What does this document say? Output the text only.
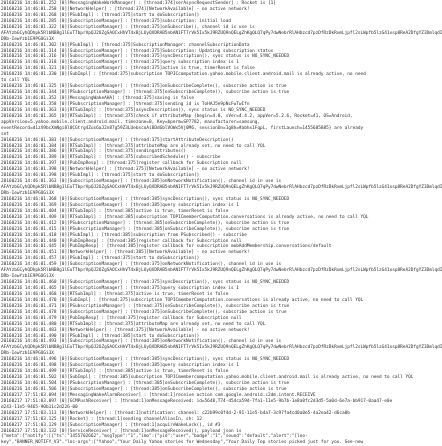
20160216 14:46:01.252 [0][MessagingWakeWorkManager] : [thread:374]serAsyncRequestSender] : Rocket is [1]
20160216 14:46:01.258 [0][NetworkHelper] : [thread:374][NetworkAvailable] - no active network!
20160216 14:46:01.268 [0][PSubImpl] : [thread:375]start to doSubscription()
20160216 14:46:01.285 [0][SubscriptionManager] : [thread:375]subscription: initial load
20160216 14:46:01.322 [0][SubscriptionManager] : [thread:375]onSubscribe(), channel id is use is
AFAYzbGCyhQDhpk5RlbNB8g1lEuTTbprVpQJ2OZgSAOCxHhVT4xBjLUyQXDRAB5nbAN1FT7rVk5Ix5kJ9RZUQ9nQELgZhKgQLQ7qPy7dwNebrRlAHbzcd7pzDfRzDkRvmLjpfl2sLWpfb5lzG41xsp8ReA2DfgYZ3DmlqdI
DRb-IewYzb1E9PGOGi3X
20160216 14:46:01.302 [0][PSubImpl] : [thread:375]SubscriptionManager: channelSubscriptionData
20160216 14:46:01.314 [0][SubscriptionManager] : [thread:375]Subscription: Updating subscription status
20160216 14:46:01.316 [0][SubscriptionManager] : [thread:375]syncDescription(), sync status is NO_SYNC_NEEDED
20160216 14:46:01.318 [0][SubscriptionManager] : [thread:375]query subscription index is 1
20160216 14:46:01.321 [0][SubscriptionManager] : [thread:375]active is true, timerReset is false
20160216 14:46:01.330 [0][SubImpl] : [thread:375]subscription TOPICcomputation.yahoo.mobile.client.android.mail is already active, no need
to call YQL
20160216 14:46:01.325 [0][SubscriptionManager] : [thread:375]onSubscribeComplete(), subscribe action is true
20160216 14:46:01.344 [0][PSubscriptionManager] : [thread:375]onSubscribeComplete(), subscribe action is true
20160216 14:46:01.352 [0][MessagingWakeAHA] : [thread:375]saving is false
20160216 14:46:01.358 [0][PSubscriptionManager] : [thread:375]sending id is ToHAJ5e9pNcFwTwIfn
20160216 14:46:01.363 [0][RTSubImpl] : [thread:375]asyncDescription(), sync status is NO_SYNC_NEEDED
20160216 14:46:01.365 [0][RTSubImpl] : [thread:375]check if attributeMap {begin=4.0, sVer=4.4.2, appVer=5.2.6, Rocket=41, OS=Android,
appVersion=5.yahoo.mobile.client.android.mail, timezone=0, Key=bperm=SP7782, manufacturer=samsung,
eventRecord=d1zX9bcXmNgi8l0CGtrg4Zus6aJ2n87g59Z3LUebscoAi8DdGblVOWx5Vj0M6, sessionOn=1g8h=#abhx1FqpL, firstLaunch=1455605885} are already
set
20160216 14:46:01.383 [0][SubscriptionManager] : [thread:375]startAttributeDescription()
20160216 14:46:01.384 [0][RTSubImpl] : [thread:375]attributeMap are already set, no need to call YQL
20160216 14:46:01.386 [0][RTSubImpl] : [thread:375]sendingattributes()
20160216 14:46:01.389 [0][RTSubImpl] : [thread:375]subscribedSchedule() - subscribe
20160216 14:46:01.397 [0][PubImpResp] : [thread:375]register callback for Subscription null
20160216 14:46:01.398 [0][NetworkHelper] : [thread:375][NetworkAvailable] - no active network!
20160216 14:46:01.398 [0][PSubImpl] : [thread:375]start to doSubscription()
20160216 14:46:01.363 [0][SubscriptionManager] : [thread:385]onNetworkNotification(), channel id in use is
AFAYzbGCyhQDhpk5RlbNB8g1lEuTTbprVpQJ2OZgSAOCxHhVT4xBjLUyQXDRAB5nbAN1FT7rVk5Ix5kJ9RZUQ9nQELgZhKgQLQ7qPy7dwNebrRlAHbzcd7pzDfRzDkRvmLjpfl2sLWpfb5lzG41xsp8ReA2DfgYZ3DmlqdI
DRb-IewYzb1E9PGOGi3X
20160216 14:46:01.368 [0][SubscriptionManager] : [thread:385]syncDescription(), sync status is NO_SYNC_NEEDED
20160216 14:46:01.369 [0][SubscriptionManager] : [thread:385]query subscription index is 1
20160216 14:46:01.404 [0][RTSubImpl] : [thread:385]active is true, timerReset is false
20160216 14:46:01.409 [0][RTSubImpl] : [thread:385]subscription TOPICmemberComputation.conversations is already active, no need to call YQL
20160216 14:46:01.412 [0][PSubscriptionManager] : [thread:385]onSubscribeComplete(), subscribe action is true
20160216 14:46:01.415 [0][PSubscriptionManager] : [thread:385]onSubscribeComplete(), subscribe action is true
20160216 14:46:01.418 [0][PSubImpl] : [thread:385]subscription from PSubscribed() - subscribe
20160216 14:46:01.440 [0][PubImpResp] : [thread:385]register callback for Subscription null
20160216 14:46:01.445 [0][PubImpResp] : [thread:385]register callback for subscription mobAddMembership.conversations/default
20160216 14:46:01.451 [0][NetworkHelper] : [thread:385][NetworkAvailable] - no active network!
20160216 14:46:01.457 [0][PSubImpl] : [thread:375]start to doSubscription()
20160216 14:46:01.459 [0][SubscriptionManager] : [thread:375]onNetworkNotification(), channel id in use is
AFAYzbGCyhQDhpk5RlbNB8g1lEuTTbprVpQJ2OZgSAOCxHhVT4xBjLUyQXDRAB5nbAN1FT7rVk5Ix5kJ9RZUQ9nQELgZhKgQLQ7qPy7dwNebrRlAHbzcd7pzDfRzDkRvmLjpfl2sLWpfb5lzG41xsp8ReA2DfgYZ3DmlqdI
DRb-IewYzb1E9PGOGi3X
20160216 14:46:01.460 [0][SubscriptionManager] : [thread:375]syncDescription(), sync status is NO_SYNC_NEEDED
20160216 14:46:01.465 [0][SubscriptionManager] : [thread:375]query subscription index is 1
20160216 14:46:01.468 [0][RTSubImpl] : [thread:375]active is true, timerReset is false
20160216 14:46:01.470 [0][SubImpl] : [thread:375]subscription TOPICmemberComputation.conversations is already active, no need to call YQL
20160216 14:46:01.471 [0][PSubscriptionManager] : [thread:375]onSubscribeComplete(), subscribe action is true
20160216 14:46:01.478 [0][SubscriptionManager] : [thread:375]onSubscribeComplete(), subscribe action is true
20160216 14:46:01.479 [0][PubImpResp] : [thread:375]register callback for Subscription null
20160216 14:46:01.480 [0][RTSubImpl] : [thread:375]attributeMap are already set, no need to call YQL
20160216 14:46:01.483 [0][NetworkHelper] : [thread:375][NetworkAvailable] - no active network!
20160216 14:46:01.490 [0][PSubImpl] : [thread:385]start to doSubscription()
20160216 14:46:01.493 [0][SubscriptionManager] : [thread:385]onNetworkNotification(), channel id in use is
AFAYzbGCyhQDhpk5RlbNB8g1lEuTTbprVpQJ2OZgSAOCxHhVT4xBjLUyQXDRAB5nbAN1FT7rVk5Ix5kJ9RZUQ9nQELgZhKgQLQ7qPy7dwNebrRlAHbzcd7pzDfRzDkRvmLjpfl2sLWpfb5lzG41xsp8ReA2DfgYZ3DmlqdI
DRb-IewYzb1E9PGOGi3X
20160216 14:46:01.496 [0][SubscriptionManager] : [thread:385]syncDescription(), sync status is NO_SYNC_NEEDED
20160216 14:46:01.498 [0][SubscriptionManager] : [thread:385]query subscription index is 1
20160216 14:46:01.499 [0][RTSubImpl] : [thread:385]active is true, timerReset is false
20160216 14:46:01.502 [0][SubImpl] : [thread:385]subscription TOPICmembercomputation.yahoo.mobile.client.android.mail is already active, no need to call YQL
20160216 14:46:01.504 [0][PSubscriptionManager] : [thread:385]onSubscribeComplete(), subscribe action is true
20160216 14:46:01.506 [0][SubscriptionManager] : [thread:385]onSubscribeComplete(), subscribe action is true
20160217 17:51:03.094 [0][MessagingWakeAlarmReceiver] : [thread:1]receive action com.google.android.c2dm.intent.RECEIVE
20160217 17:51:03.097 [0][GCMPushReceiver] : [thread:1]onMessageReceived: id=5648,T74-d54ca59d-7fa1-11e5-9b7b-1e8a0fc2d3d5-5a0d-6e7a-bb917-0aa47-e0e
d243-11e5-9465-90b11c2d226-00
20160217 17:51:03.113 [0][NetworkHelper] : [thread:1]notification: channel: c22b99c0f4d-2-91-11e5-b4a7-3c97fa4cd0a0e5-4a2ea42-d6ca0b
20160217 17:51:03.125 [0][Rocket] : [thread:1]sending channelAliasIn, sh: 12
20160217 17:51:03.129 [0][SubscriptionManager] : [thread:1]acquireWakeLock(), id #3
20160217 17:51:03.132 [0][ServiceReceiver] : [thread:1]onMessageReceived(), payload json is
{"meta":{"notify":[{"ts":"1455702662","msgType":"1","imo":{"yid":"user","badge":"1","sound":"default","alert":"[loo-
key","BANNER_NOTIFY_V3","loc-args":["Yahoo","Your Daily Yahoo stories for Wednesday","Your Daily Top stories picked just for you. See-new
